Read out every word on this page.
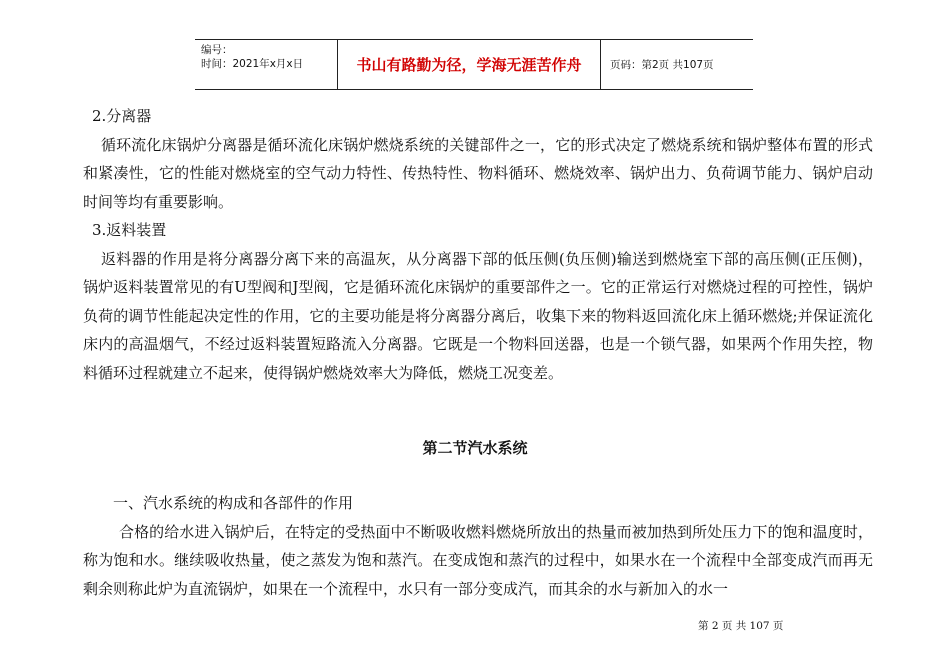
编号：
时间：2021年x月x日	书山有路勤为径，学海无涯苦作舟	页码：第2页 共107页

2.分离器

循环流化床锅炉分离器是循环流化床锅炉燃烧系统的关键部件之一，它的形式决定了燃烧系统和锅炉整体布置的形式和紧凑性，它的性能对燃烧室的空气动力特性、传热特性、物料循环、燃烧效率、锅炉出力、负荷调节能力、锅炉启动时间等均有重要影响。

3.返料装置

返料器的作用是将分离器分离下来的高温灰，从分离器下部的低压侧(负压侧)输送到燃烧室下部的高压侧(正压侧)，锅炉返料装置常见的有U型阀和J型阀，它是循环流化床锅炉的重要部件之一。它的正常运行对燃烧过程的可控性，锅炉负荷的调节性能起决定性的作用，它的主要功能是将分离器分离后，收集下来的物料返回流化床上循环燃烧;并保证流化床内的高温烟气，不经过返料装置短路流入分离器。它既是一个物料回送器，也是一个锁气器，如果两个作用失控，物料循环过程就建立不起来，使得锅炉燃烧效率大为降低，燃烧工况变差。

第二节汽水系统

一、汽水系统的构成和各部件的作用

合格的给水进入锅炉后，在特定的受热面中不断吸收燃料燃烧所放出的热量而被加热到所处压力下的饱和温度时，称为饱和水。继续吸收热量，使之蒸发为饱和蒸汽。在变成饱和蒸汽的过程中，如果水在一个流程中全部变成汽而再无剩余则称此炉为直流锅炉，如果在一个流程中，水只有一部分变成汽，而其余的水与新加入的水一

第 2 页 共 107 页
